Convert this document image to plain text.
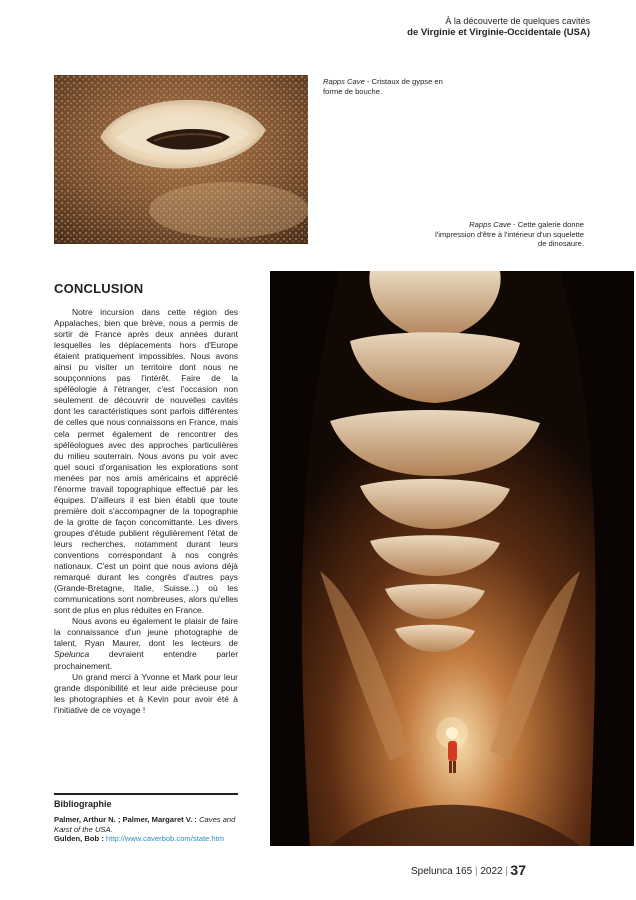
À la découverte de quelques cavités
de Virginie et Virginie-Occidentale (USA)
Rapps Cave - Cristaux de gypse en forme de bouche.
Rapps Cave - Cette galerie donne l'impression d'être à l'intérieur d'un squelette de dinosaure.
CONCLUSION

Notre incursion dans cette région des Appalaches, bien que brève, nous a permis de sortir de France après deux années durant lesquelles les déplacements hors d'Europe étaient pratiquement impossibles. Nous avons ainsi pu visiter un territoire dont nous ne soupçonnions pas l'intérêt. Faire de la spéléologie à l'étranger, c'est l'occasion non seulement de découvrir de nouvelles cavités dont les caractéristiques sont parfois différentes de celles que nous connaissons en France, mais cela permet également de rencontrer des spéléologues avec des approches particulières du milieu souterrain. Nous avons pu voir avec quel souci d'organisation les explorations sont menées par nos amis américains et apprécié l'énorme travail topographique effectué par les équipes. D'ailleurs il est bien établi que toute première doit s'accompagner de la topographie de la grotte de façon concomittante. Les divers groupes d'étude publient régulièrement l'état de leurs recherches, notamment durant leurs conventions correspondant à nos congrès nationaux. C'est un point que nous avions déjà remarqué durant les congrès d'autres pays (Grande-Bretagne, Italie, Suisse...) où les communications sont nombreuses, alors qu'elles sont de plus en plus réduites en France.

Nous avons eu également le plaisir de faire la connaissance d'un jeune photographe de talent, Ryan Maurer, dont les lecteurs de Spelunca devraient entendre parler prochainement.

Un grand merci à Yvonne et Mark pour leur grande disponibilité et leur aide précieuse pour les photographies et à Kevin pour avoir été à l'initiative de ce voyage !

Bibliographie
Palmer, Arthur N. ; Palmer, Margaret V. : Caves and Karst of the USA.
Gulden, Bob : http://www.caverbob.com/state.htm
Spelunca 165 | 2022 | 37
